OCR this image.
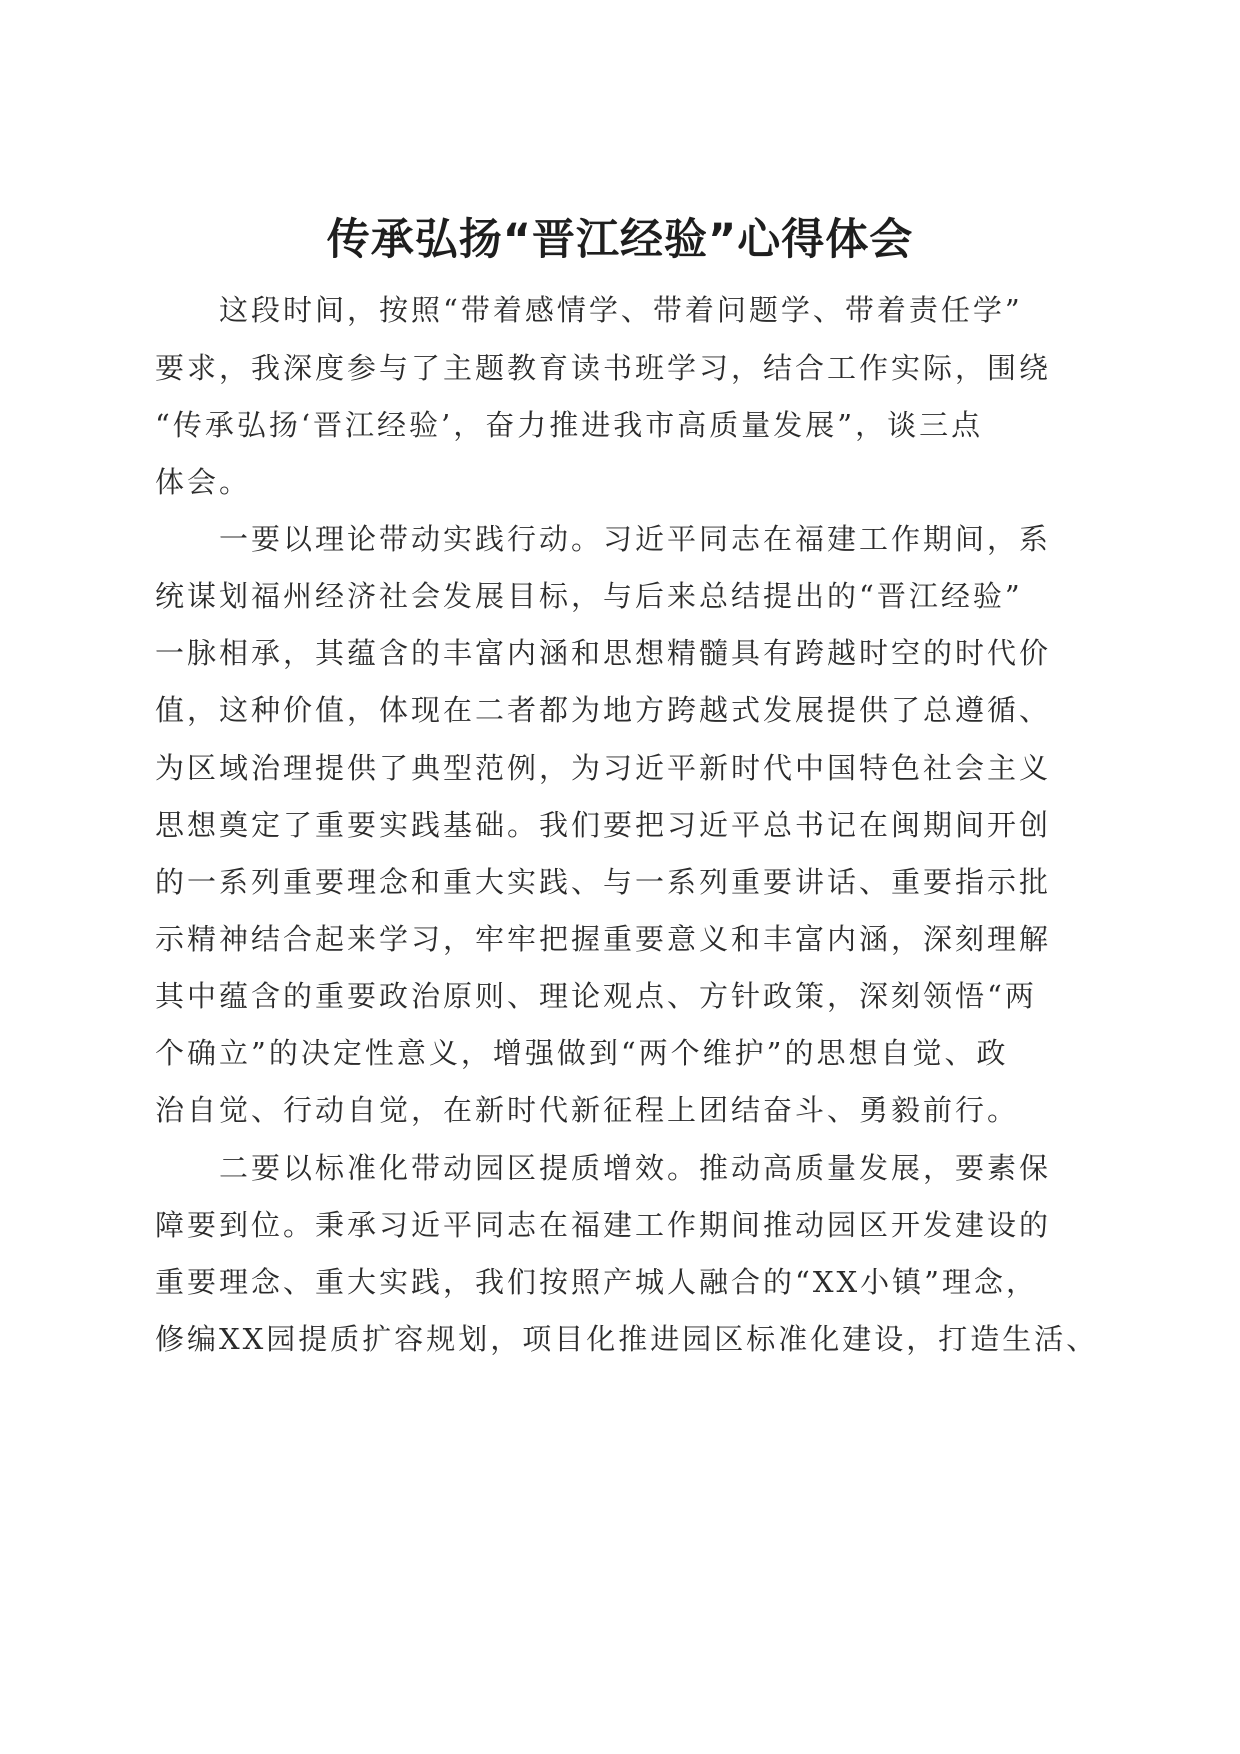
传承弘扬“晋江经验”心得体会
　　这段时间，按照“带着感情学、带着问题学、带着责任学”
要求，我深度参与了主题教育读书班学习，结合工作实际，围绕
“传承弘扬‘晋江经验’，奋力推进我市高质量发展”，谈三点
体会。
　　一要以理论带动实践行动。习近平同志在福建工作期间，系
统谋划福州经济社会发展目标，与后来总结提出的“晋江经验”
一脉相承，其蕴含的丰富内涵和思想精髓具有跨越时空的时代价
值，这种价值，体现在二者都为地方跨越式发展提供了总遵循、
为区域治理提供了典型范例，为习近平新时代中国特色社会主义
思想奠定了重要实践基础。我们要把习近平总书记在闽期间开创
的一系列重要理念和重大实践、与一系列重要讲话、重要指示批
示精神结合起来学习，牢牢把握重要意义和丰富内涵，深刻理解
其中蕴含的重要政治原则、理论观点、方针政策，深刻领悟“两
个确立”的决定性意义，增强做到“两个维护”的思想自觉、政
治自觉、行动自觉，在新时代新征程上团结奋斗、勇毅前行。
　　二要以标准化带动园区提质增效。推动高质量发展，要素保
障要到位。秉承习近平同志在福建工作期间推动园区开发建设的
重要理念、重大实践，我们按照产城人融合的“XX小镇”理念，
修编XX园提质扩容规划，项目化推进园区标准化建设，打造生活、
